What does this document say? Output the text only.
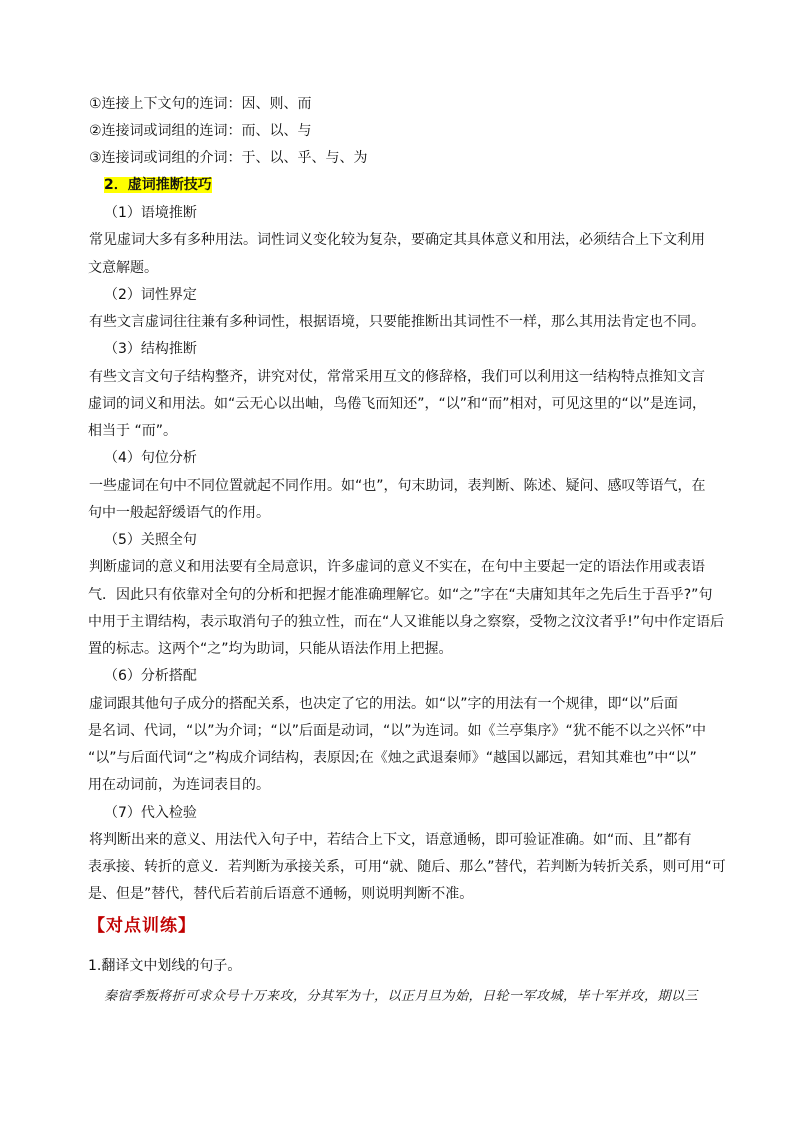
①连接上下文句的连词：因、则、而
②连接词或词组的连词：而、以、与
③连接词或词组的介词：于、以、乎、与、为
2．虚词推断技巧
（1）语境推断
常见虚词大多有多种用法。词性词义变化较为复杂，要确定其具体意义和用法，必须结合上下文利用
文意解题。
（2）词性界定
有些文言虚词往往兼有多种词性，根据语境，只要能推断出其词性不一样，那么其用法肯定也不同。
（3）结构推断
有些文言文句子结构整齐，讲究对仗，常常采用互文的修辞格，我们可以利用这一结构特点推知文言
虚词的词义和用法。如“云无心以出岫，鸟倦飞而知还”，“以”和“而”相对，可见这里的“以”是连词，
相当于 “而”。
（4）句位分析
一些虚词在句中不同位置就起不同作用。如“也”，句末助词，表判断、陈述、疑问、感叹等语气，在
句中一般起舒缓语气的作用。
（5）关照全句
判断虚词的意义和用法要有全局意识，许多虚词的意义不实在，在句中主要起一定的语法作用或表语
气．因此只有依靠对全句的分析和把握才能准确理解它。如“之”字在“夫庸知其年之先后生于吾乎?”句
中用于主谓结构，表示取消句子的独立性，而在“人又谁能以身之察察，受物之汶汶者乎!”句中作定语后
置的标志。这两个“之”均为助词，只能从语法作用上把握。
（6）分析搭配
虚词跟其他句子成分的搭配关系，也决定了它的用法。如“以”字的用法有一个规律，即“以”后面
是名词、代词，“以”为介词；“以”后面是动词，“以”为连词。如《兰亭集序》“犹不能不以之兴怀”中
“以”与后面代词“之”构成介词结构，表原因;在《烛之武退秦师》“越国以鄙远，君知其难也”中“以”
用在动词前，为连词表目的。
（7）代入检验
将判断出来的意义、用法代入句子中，若结合上下文，语意通畅，即可验证准确。如“而、且”都有
表承接、转折的意义．若判断为承接关系，可用“就、随后、那么”替代，若判断为转折关系，则可用“可
是、但是”替代，替代后若前后语意不通畅，则说明判断不准。
【对点训练】
1.翻译文中划线的句子。
秦宿季叛将折可求众号十万来攻，分其军为十，以正月旦为始，日轮一军攻城，毕十军并攻，期以三
